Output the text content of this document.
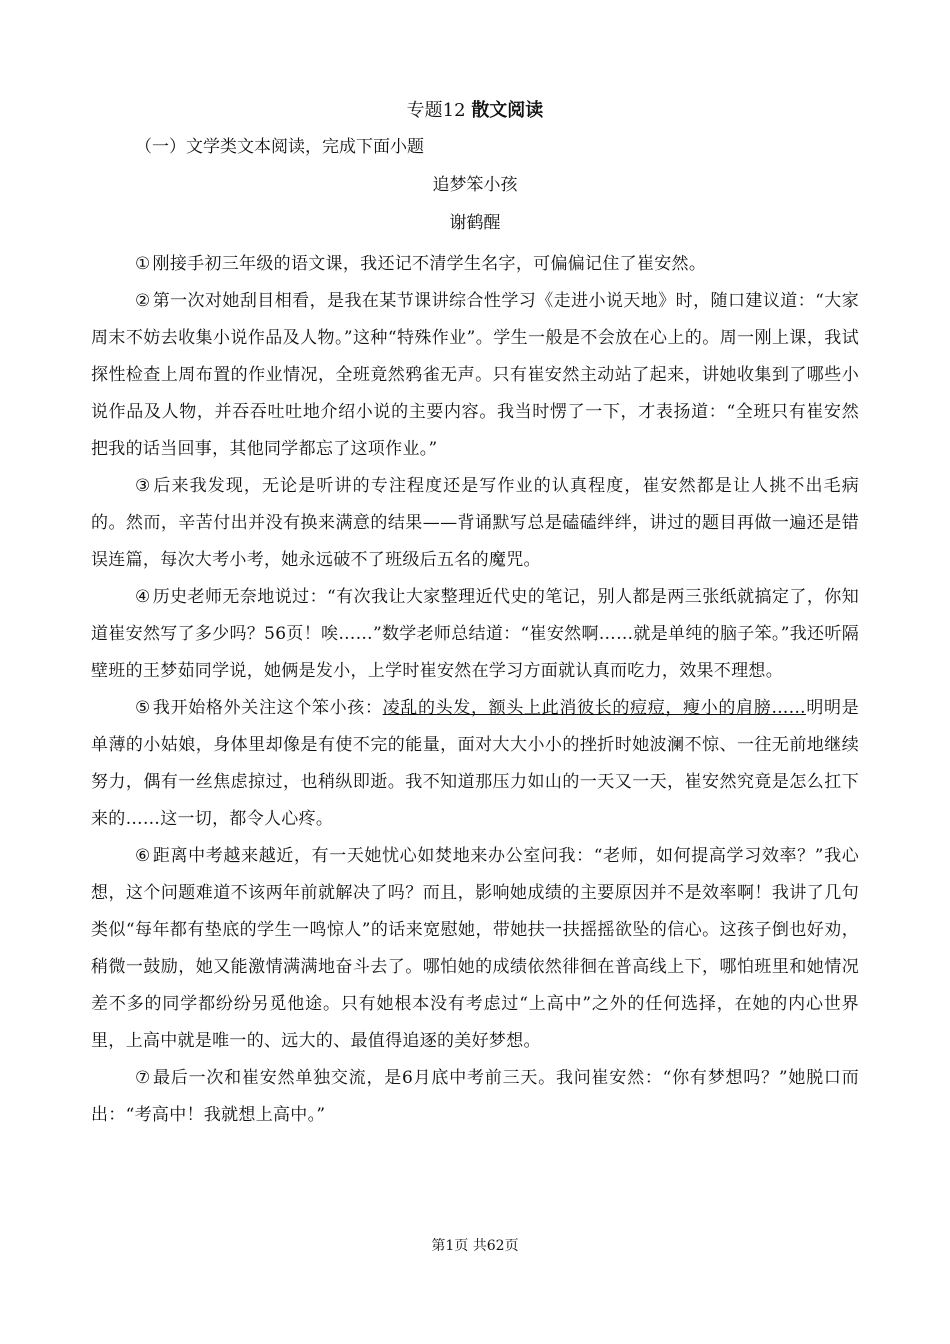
专题12 散文阅读
（一）文学类文本阅读，完成下面小题
追梦笨小孩
谢鹤醒

① 刚接手初三年级的语文课，我还记不清学生名字，可偏偏记住了崔安然。

② 第一次对她刮目相看，是我在某节课讲综合性学习《走进小说天地》时，随口建议道：“大家周末不妨去收集小说作品及人物。”这种“特殊作业”。学生一般是不会放在心上的。周一刚上课，我试探性检查上周布置的作业情况，全班竟然鸦雀无声。只有崔安然主动站了起来，讲她收集到了哪些小说作品及人物，并吞吞吐吐地介绍小说的主要内容。我当时愣了一下，才表扬道：“全班只有崔安然把我的话当回事，其他同学都忘了这项作业。”

③ 后来我发现，无论是听讲的专注程度还是写作业的认真程度，崔安然都是让人挑不出毛病的。然而，辛苦付出并没有换来满意的结果——背诵默写总是磕磕绊绊，讲过的题目再做一遍还是错误连篇，每次大考小考，她永远破不了班级后五名的魔咒。

④ 历史老师无奈地说过：“有次我让大家整理近代史的笔记，别人都是两三张纸就搞定了，你知道崔安然写了多少吗？56页！唉……”数学老师总结道：“崔安然啊……就是单纯的脑子笨。”我还听隔壁班的王梦茹同学说，她俩是发小，上学时崔安然在学习方面就认真而吃力，效果不理想。

⑤ 我开始格外关注这个笨小孩：凌乱的头发，额头上此消彼长的痘痘，瘦小的肩膀……明明是单薄的小姑娘，身体里却像是有使不完的能量，面对大大小小的挫折时她波澜不惊、一往无前地继续努力，偶有一丝焦虑掠过，也稍纵即逝。我不知道那压力如山的一天又一天，崔安然究竟是怎么扛下来的……这一切，都令人心疼。

⑥ 距离中考越来越近，有一天她忧心如焚地来办公室问我：“老师，如何提高学习效率？”我心想，这个问题难道不该两年前就解决了吗？而且，影响她成绩的主要原因并不是效率啊！我讲了几句类似“每年都有垫底的学生一鸣惊人”的话来宽慰她，带她扶一扶摇摇欲坠的信心。这孩子倒也好劝，稍微一鼓励，她又能激情满满地奋斗去了。哪怕她的成绩依然徘徊在普高线上下，哪怕班里和她情况差不多的同学都纷纷另觅他途。只有她根本没有考虑过“上高中”之外的任何选择，在她的内心世界里，上高中就是唯一的、远大的、最值得追逐的美好梦想。

⑦ 最后一次和崔安然单独交流，是6月底中考前三天。我问崔安然：“你有梦想吗？”她脱口而出：“考高中！我就想上高中。”

第1页 共62页
